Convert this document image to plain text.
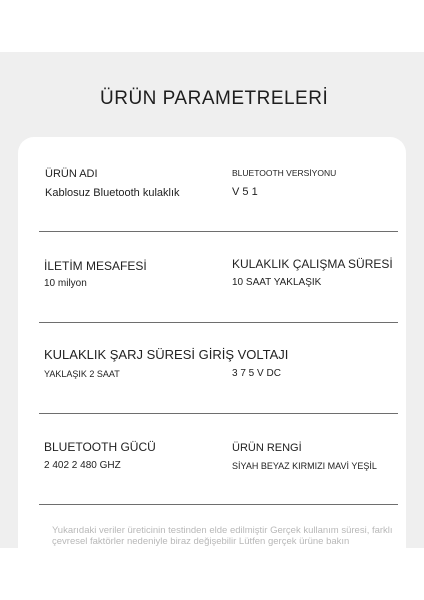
ÜRÜN PARAMETRELERİ
ÜRÜN ADI
Kablosuz Bluetooth kulaklık
BLUETOOTH VERSİYONU
V 5 1
İLETİM MESAFESİ
10 milyon
KULAKLIK ÇALIŞMA SÜRESİ
10 SAAT YAKLAŞIK
KULAKLIK ŞARJ SÜRESİ GİRİŞ VOLTAJI
YAKLAŞIK 2 SAAT	3 7 5 V DC
BLUETOOTH GÜCÜ
2 402 2 480 GHZ
ÜRÜN RENGİ
SİYAH BEYAZ KIRMIZI MAVİ YEŞİL
Yukarıdaki veriler üreticinin testinden elde edilmiştir Gerçek kullanım süresi, farklı
çevresel faktörler nedeniyle biraz değişebilir Lütfen gerçek ürüne bakın
